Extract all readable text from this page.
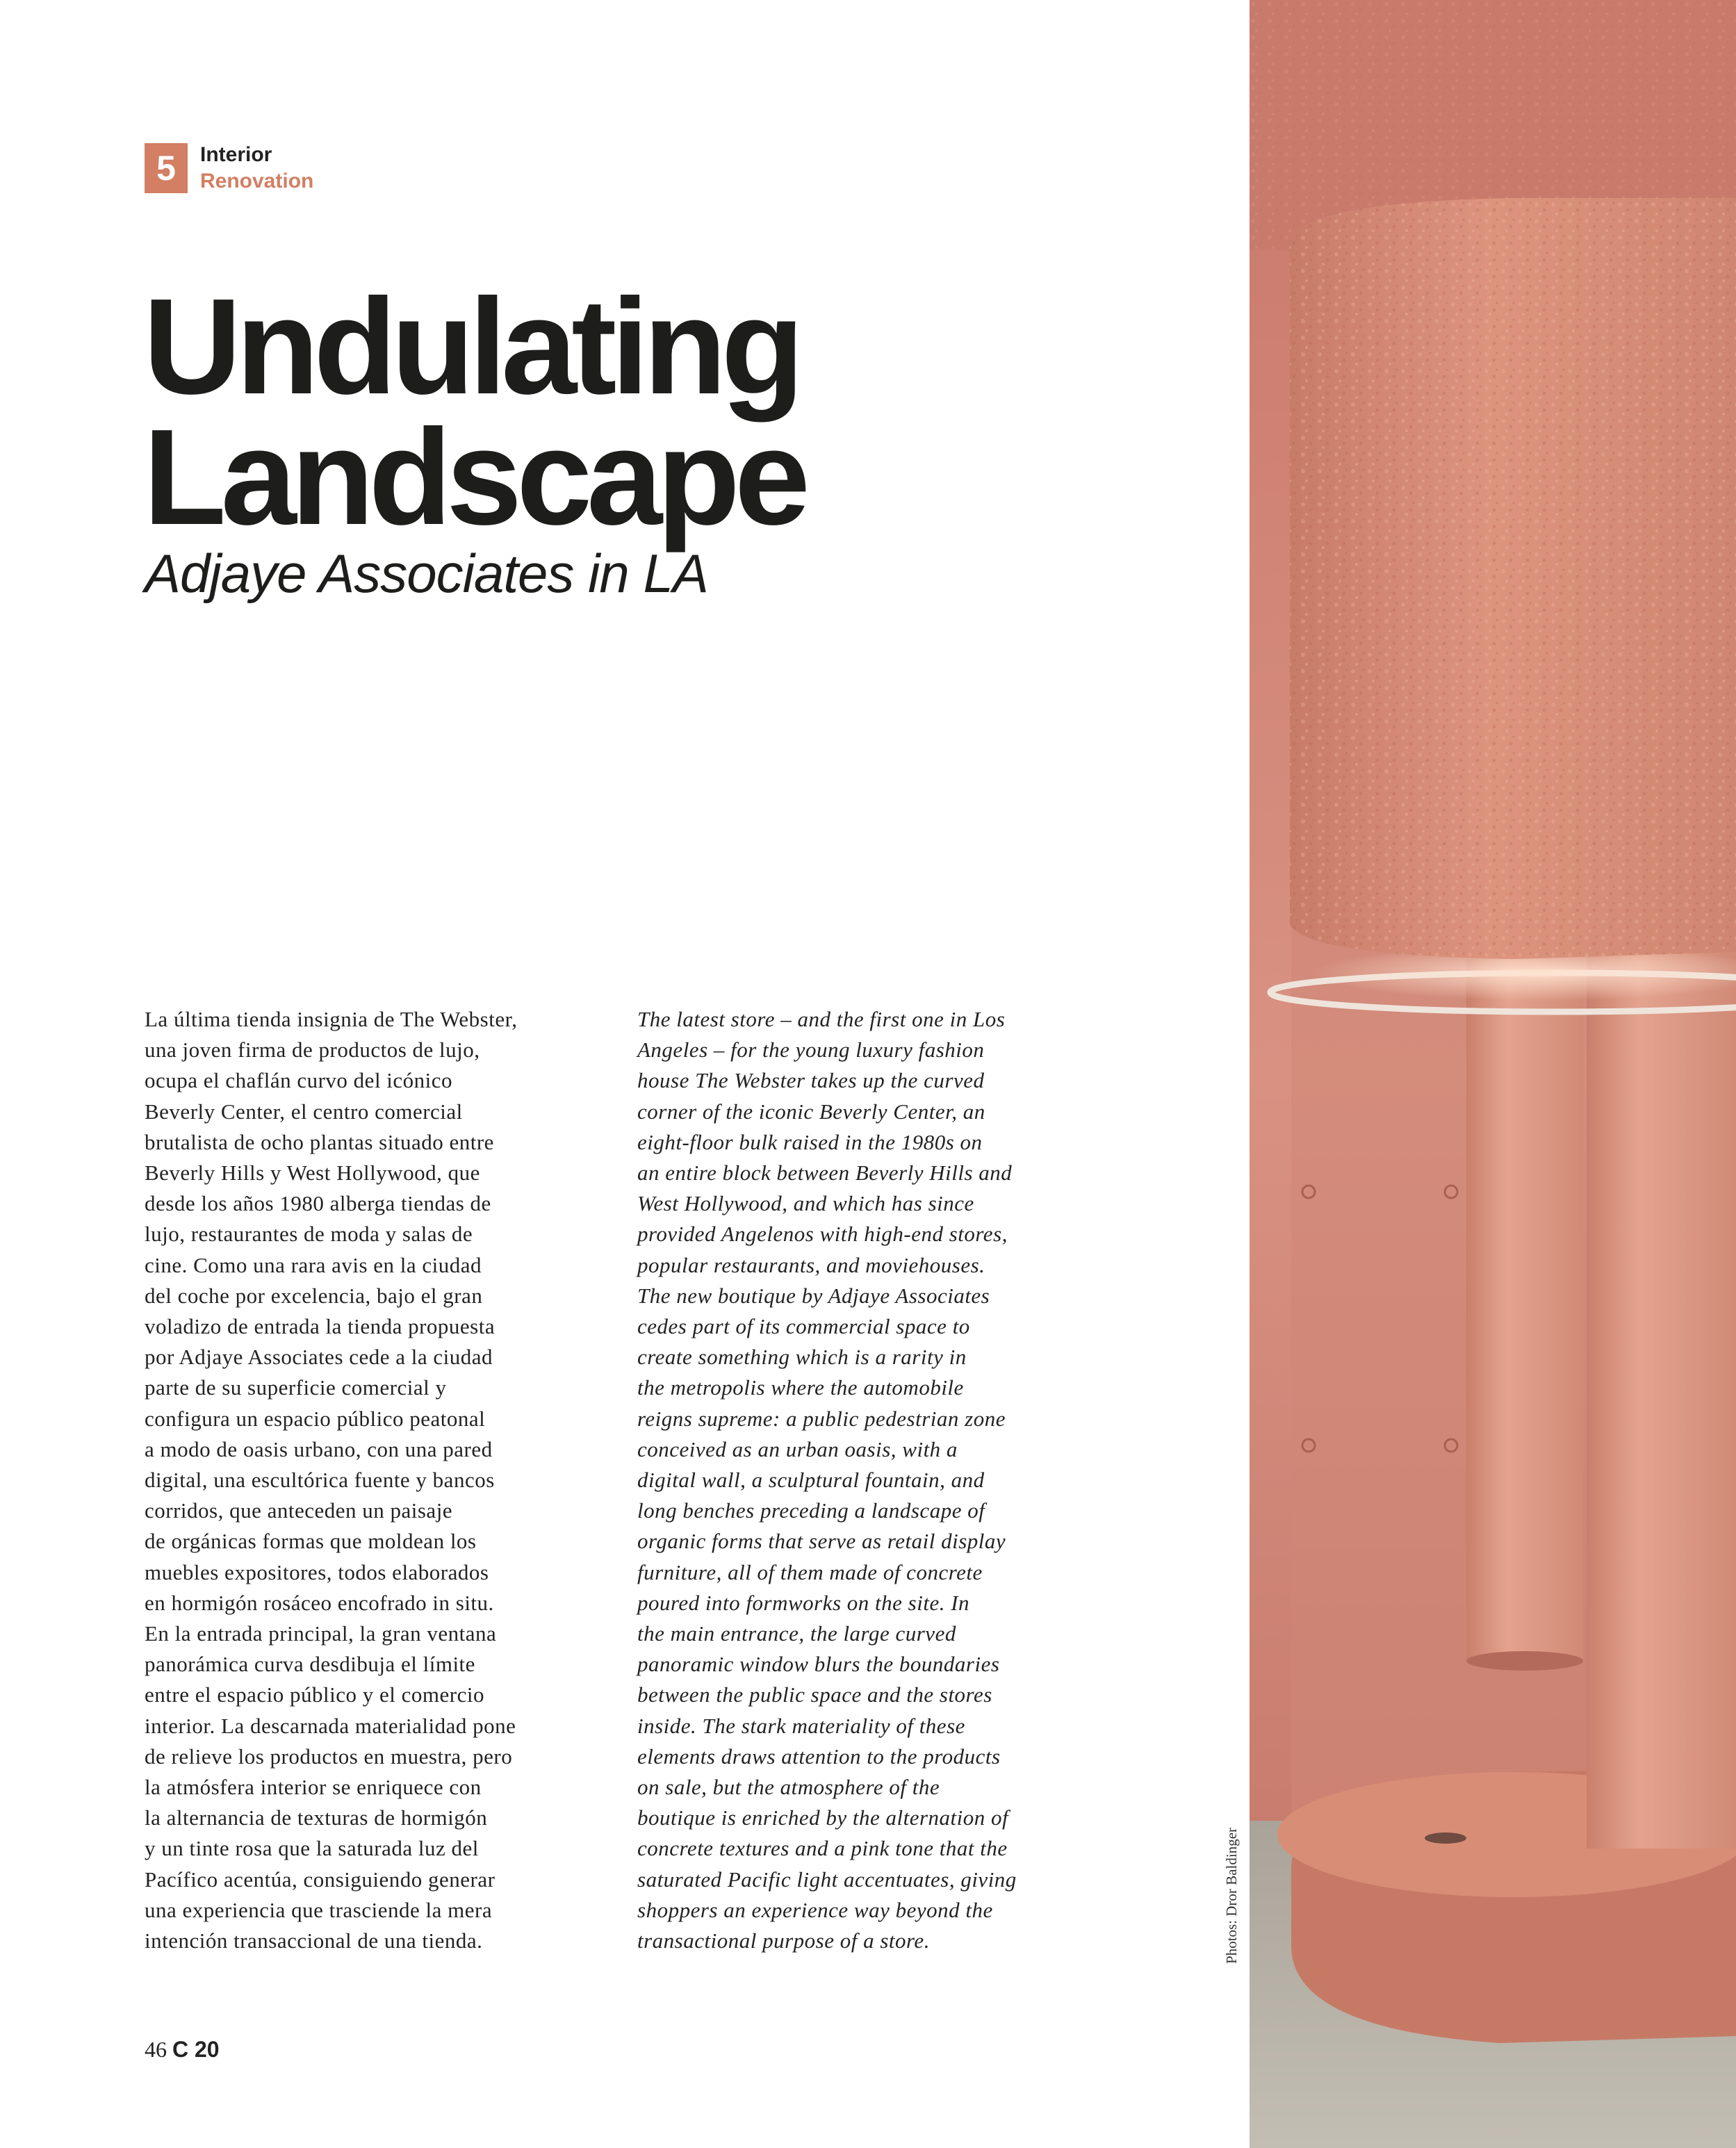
5	Interior
Renovation
Undulating
Landscape
Adjaye Associates in LA

La última tienda insignia de The Webster,
una joven firma de productos de lujo,
ocupa el chaflán curvo del icónico
Beverly Center, el centro comercial
brutalista de ocho plantas situado entre
Beverly Hills y West Hollywood, que
desde los años 1980 alberga tiendas de
lujo, restaurantes de moda y salas de
cine. Como una rara avis en la ciudad
del coche por excelencia, bajo el gran
voladizo de entrada la tienda propuesta
por Adjaye Associates cede a la ciudad
parte de su superficie comercial y
configura un espacio público peatonal
a modo de oasis urbano, con una pared
digital, una escultórica fuente y bancos
corridos, que anteceden un paisaje
de orgánicas formas que moldean los
muebles expositores, todos elaborados
en hormigón rosáceo encofrado in situ.
En la entrada principal, la gran ventana
panorámica curva desdibuja el límite
entre el espacio público y el comercio
interior. La descarnada materialidad pone
de relieve los productos en muestra, pero
la atmósfera interior se enriquece con
la alternancia de texturas de hormigón
y un tinte rosa que la saturada luz del
Pacífico acentúa, consiguiendo generar
una experiencia que trasciende la mera
intención transaccional de una tienda.

The latest store – and the first one in Los
Angeles – for the young luxury fashion
house The Webster takes up the curved
corner of the iconic Beverly Center, an
eight-floor bulk raised in the 1980s on
an entire block between Beverly Hills and
West Hollywood, and which has since
provided Angelenos with high-end stores,
popular restaurants, and moviehouses.
The new boutique by Adjaye Associates
cedes part of its commercial space to
create something which is a rarity in
the metropolis where the automobile
reigns supreme: a public pedestrian zone
conceived as an urban oasis, with a
digital wall, a sculptural fountain, and
long benches preceding a landscape of
organic forms that serve as retail display
furniture, all of them made of concrete
poured into formworks on the site. In
the main entrance, the large curved
panoramic window blurs the boundaries
between the public space and the stores
inside. The stark materiality of these
elements draws attention to the products
on sale, but the atmosphere of the
boutique is enriched by the alternation of
concrete textures and a pink tone that the
saturated Pacific light accentuates, giving
shoppers an experience way beyond the
transactional purpose of a store.

46 C 20
Photos: Dror Baldinger
